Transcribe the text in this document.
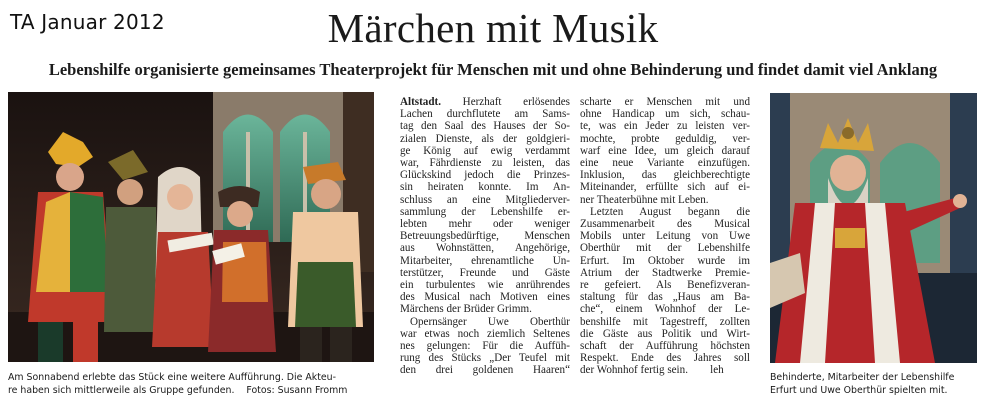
TA Januar 2012	Märchen mit Musik
Lebenshilfe organisierte gemeinsames Theaterprojekt für Menschen mit und ohne Behinderung und findet damit viel Anklang

Altstadt. Herzhaft erlösendes
Lachen durchflutete am Sams-
tag den Saal des Hauses der So-
zialen Dienste, als der goldgieri-
ge König auf ewig verdammt
war, Fährdienste zu leisten, das
Glückskind jedoch die Prinzes-
sin heiraten konnte. Im An-
schluss an eine Mitgliederver-
sammlung der Lebenshilfe er-
lebten mehr oder weniger
Betreuungsbedürftige, Menschen
aus Wohnstätten, Angehörige,
Mitarbeiter, ehrenamtliche Un-
terstützer, Freunde und Gäste
ein turbulentes wie anrührendes
des Musical nach Motiven eines
Märchens der Brüder Grimm.
Opernsänger Uwe Oberthür
war etwas noch ziemlich Seltenes
nes gelungen: Für die Auffüh-
rung des Stücks „Der Teufel mit
den drei goldenen Haaren“

scharte er Menschen mit und
ohne Handicap um sich, schau-
te, was ein Jeder zu leisten ver-
mochte, probte geduldig, ver-
warf eine Idee, um gleich darauf
eine neue Variante einzufügen.
Inklusion, das gleichberechtigte
Miteinander, erfüllte sich auf ei-
ner Theaterbühne mit Leben.
Letzten August begann die
Zusammenarbeit des Musical
Mobils unter Leitung von Uwe
Oberthür mit der Lebenshilfe
Erfurt. Im Oktober wurde im
Atrium der Stadtwerke Premie-
re gefeiert. Als Benefizveran-
staltung für das „Haus am Ba-
che“, einem Wohnhof der Le-
benshilfe mit Tagestreff, zollten
die Gäste aus Politik und Wirt-
schaft der Aufführung höchsten
Respekt. Ende des Jahres soll
der Wohnhof fertig sein.        leh

Am Sonnabend erlebte das Stück eine weitere Aufführung. Die Akteu-
re haben sich mittlerweile als Gruppe gefunden.    Fotos: Susann Fromm
Behinderte, Mitarbeiter der Lebenshilfe
Erfurt und Uwe Oberthür spielten mit.
